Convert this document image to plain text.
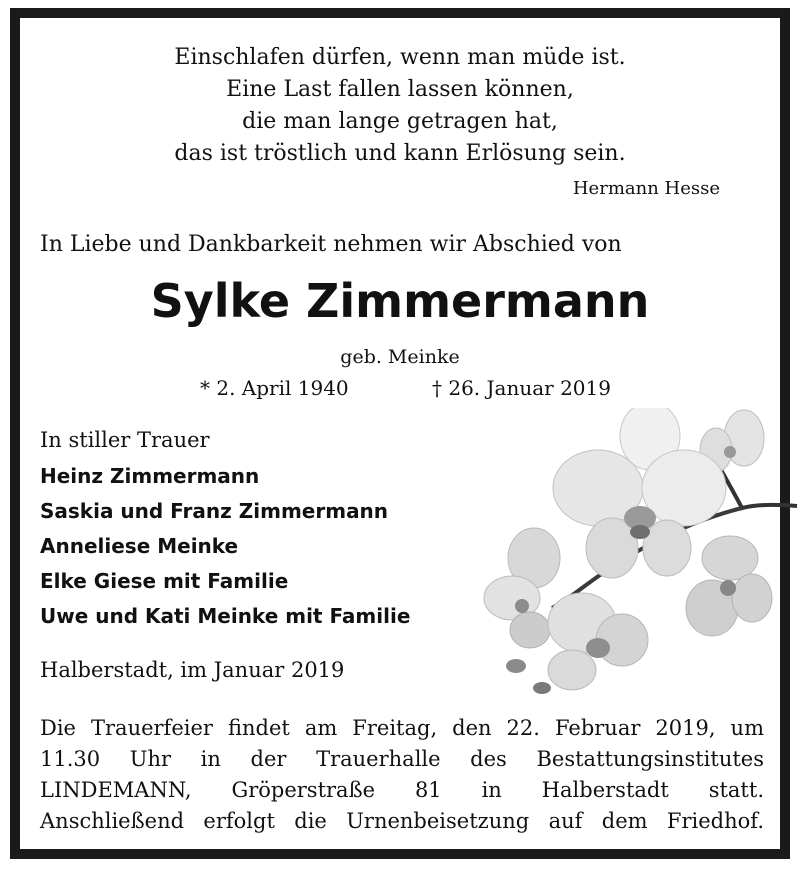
Einschlafen dürfen, wenn man müde ist.
Eine Last fallen lassen können,
die man lange getragen hat,
das ist tröstlich und kann Erlösung sein.
Hermann Hesse
In Liebe und Dankbarkeit nehmen wir Abschied von
Sylke Zimmermann
geb. Meinke
* 2. April 1940	† 26. Januar 2019
In stiller Trauer
Heinz Zimmermann
Saskia und Franz Zimmermann
Anneliese Meinke
Elke Giese mit Familie
Uwe und Kati Meinke mit Familie
Halberstadt, im Januar 2019
Die Trauerfeier findet am Freitag, den 22. Februar 2019, um
11.30 Uhr in der Trauerhalle des Bestattungsinstitutes
LINDEMANN, Gröperstraße 81 in Halberstadt statt.
Anschließend erfolgt die Urnenbeisetzung auf dem Friedhof.
